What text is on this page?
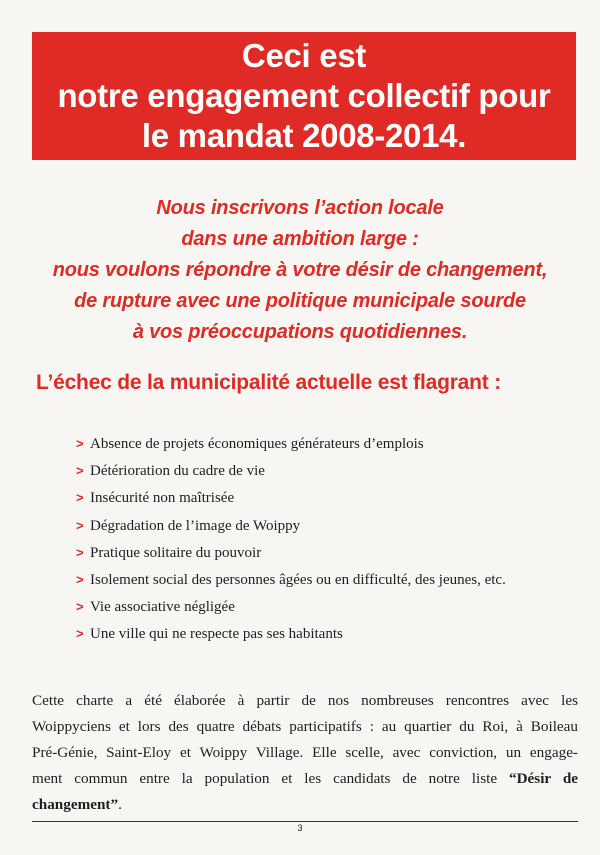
Ceci est
notre engagement collectif pour
le mandat 2008-2014.
Nous inscrivons l’action locale
dans une ambition large :
nous voulons répondre à votre désir de changement,
de rupture avec une politique municipale sourde
à vos préoccupations quotidiennes.
L’échec de la municipalité actuelle est flagrant :
> Absence de projets économiques générateurs d’emplois
> Détérioration du cadre de vie
> Insécurité non maîtrisée
> Dégradation de l’image de Woippy
> Pratique solitaire du pouvoir
> Isolement social des personnes âgées ou en difficulté, des jeunes, etc.
> Vie associative négligée
> Une ville qui ne respecte pas ses habitants
Cette charte a été élaborée à partir de nos nombreuses rencontres avec les
Woippyciens et lors des quatre débats participatifs : au quartier du Roi, à Boileau
Pré-Génie, Saint-Eloy et Woippy Village. Elle scelle, avec conviction, un engage-
ment commun entre la population et les candidats de notre liste “Désir de
changement”.
3
